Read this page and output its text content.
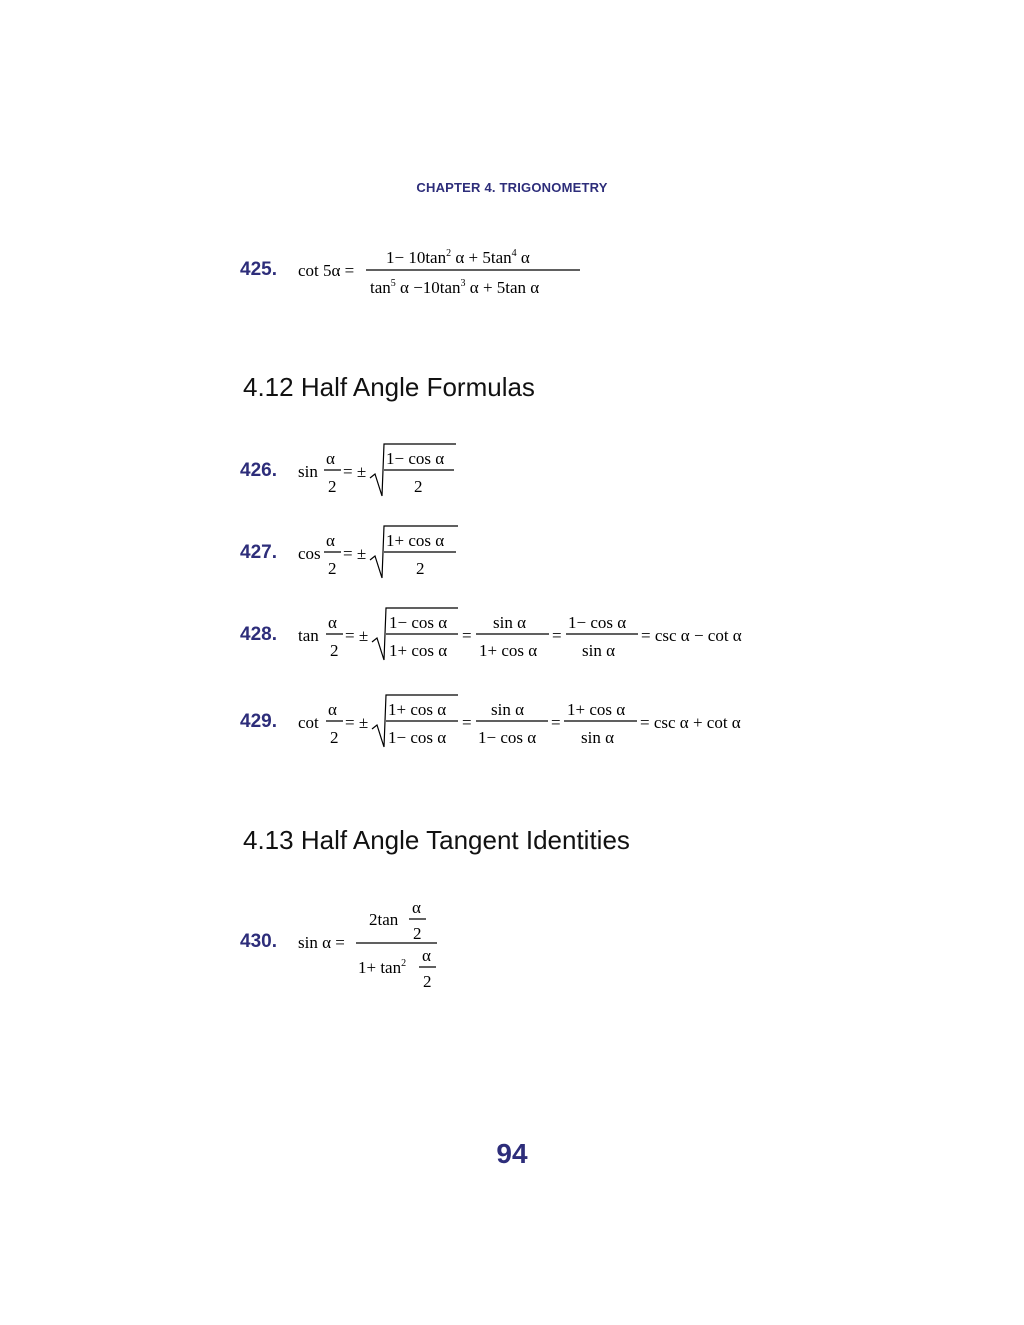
CHAPTER 4. TRIGONOMETRY
425. cot 5α =
$1- 10\tan^2$ $\alpha + 5\tan^4$ α
$\tan^5 \alpha -10\tan^3$ α + 5tan α
4.12 Half Angle Formulas
426. sin
α
2
= ±
1− cos α
2
427. cos
α
2
= ±
1+ cos α
2
428. tan
α
2
= ±
1− cos α
1+ cos α
=
sin α
1+ cos α
=
1− cos α
sin α
= csc α − cot α
429. cot
α
2
= ±
1+ cos α
1− cos α
=
sin α
1− cos α
=
1+ cos α
sin α
= csc α + cot α
4.13 Half Angle Tangent Identities
430. sin α =
2tan
α
2
$1+ \tan^2 \alpha$
2
94
